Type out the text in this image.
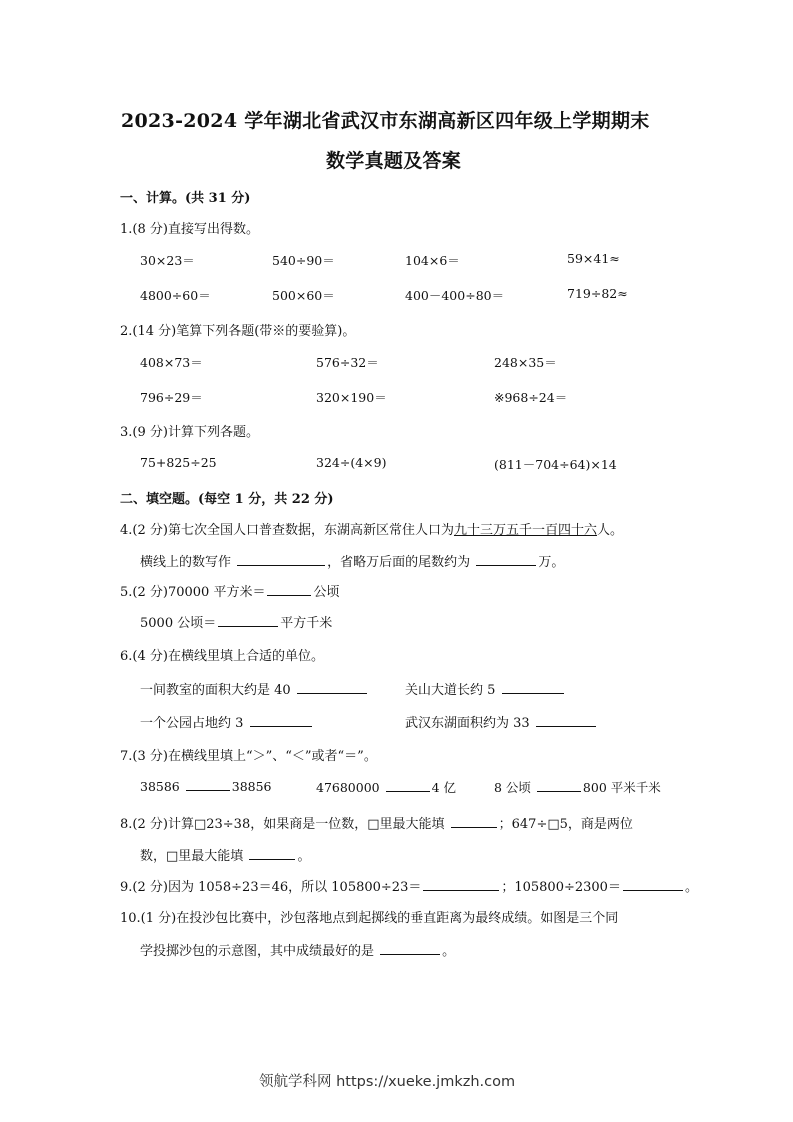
2023-2024 学年湖北省武汉市东湖高新区四年级上学期期末
数学真题及答案
一、计算。(共 31 分)
1.(8 分)直接写出得数。
30×23＝	540÷90＝	104×6＝	59×41≈
4800÷60＝	500×60＝	400－400÷80＝	719÷82≈
2.(14 分)笔算下列各题(带※的要验算)。
408×73＝	576÷32＝	248×35＝
796÷29＝	320×190＝	※968÷24＝
3.(9 分)计算下列各题。
75+825÷25	324÷(4×9)	(811－704÷64)×14
二、填空题。(每空 1 分，共 22 分)
4.(2 分)第七次全国人口普查数据，东湖高新区常住人口为九十三万五千一百四十六人。
横线上的数写作	，省略万后面的尾数约为	万。
5.(2 分)70000 平方米＝	公顷
5000 公顷＝	平方千米
6.(4 分)在横线里填上合适的单位。
一间教室的面积大约是 40	关山大道长约 5
一个公园占地约 3	武汉东湖面积约为 33
7.(3 分)在横线里填上“＞”、“＜”或者“＝”。
38586	38856	47680000	4 亿	8 公顷	800 平米千米
8.(2 分)计算□23÷38，如果商是一位数，□里最大能填	；647÷□5，商是两位
数，□里最大能填	。
9.(2 分)因为 1058÷23＝46，所以 105800÷23＝	；105800÷2300＝	。
10.(1 分)在投沙包比赛中，沙包落地点到起掷线的垂直距离为最终成绩。如图是三个同
学投掷沙包的示意图，其中成绩最好的是	。
领航学科网 https://xueke.jmkzh.com
